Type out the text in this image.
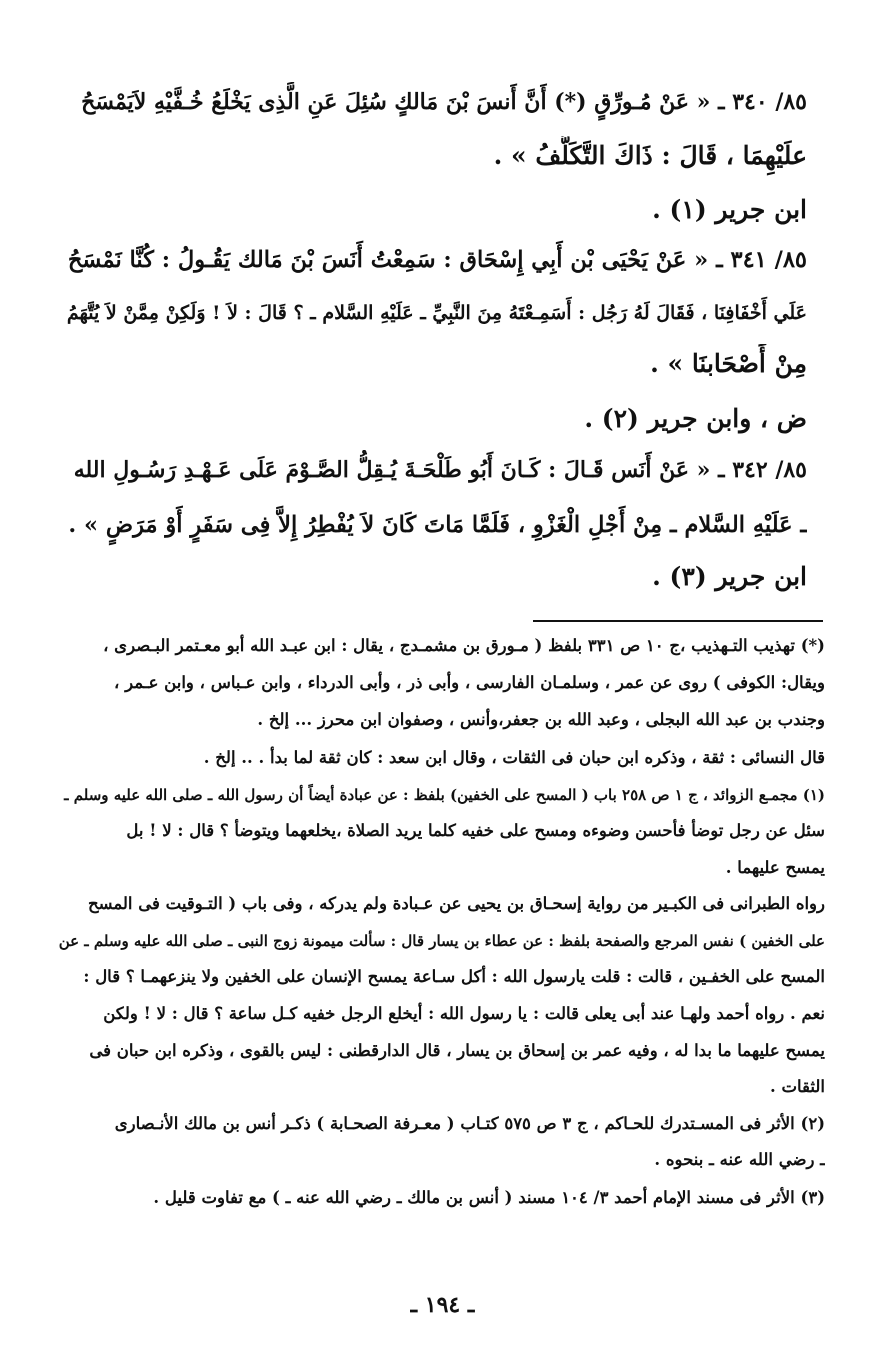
٨٥/ ٣٤٠ ـ « عَنْ مُـورِّقٍ (*) أَنَّ أَنسَ بْنَ مَالكٍ سُئِلَ عَنِ الَّذِى يَخْلَعُ خُـفَّيْهِ لاَيَمْسَحُ
علَيْهِمَا ، قَالَ : ذَاكَ التَّكَلُّفُ » .
ابن جرير (١) .
٨٥/ ٣٤١ ـ « عَنْ يَحْيَى بْن أَبِي إِسْحَاق : سَمِعْتُ أَنَسَ بْنَ مَالك يَقُـولُ : كُنَّا نَمْسَحُ
عَلَي أَخْفَافِنَا ، فَقَالَ لَهُ رَجُل : أَسَمِـعْتَهُ مِنَ النَّبِيِّ ـ عَلَيْهِ السَّلام ـ ؟ قَالَ : لاَ ! وَلَكِنْ مِمَّنْ لاَ يُتَّهَمُ
مِنْ أَصْحَابنَا » .
ض ، وابن جرير (٢) .
٨٥/ ٣٤٢ ـ « عَنْ أَنَس قَـالَ : كَـانَ أَبُو طَلْحَـةَ يُـقِلُّ الصَّـوْمَ عَلَى عَـهْـدِ رَسُـولِ الله
ـ عَلَيْهِ السَّلام ـ مِنْ أَجْلِ الْغَزْوِ ، فَلَمَّا مَاتَ كَانَ لاَ يُفْطِرُ إِلاَّ فِى سَفَرٍ أَوْ مَرَضٍ » .
ابن جرير (٣) .
(*) تهذيب التـهذيب ،ج ١٠ ص ٣٣١ بلفظ ( مـورق بن مشمـدج ، يقال : ابن عبـد الله أبو معـتمر البـصرى ،
ويقال: الكوفى ) روى عن عمر ، وسلمـان الفارسى ، وأبى ذر ، وأبى الدرداء ، وابن عـباس ، وابن عـمر ،
وجندب بن عبد الله البجلى ، وعبد الله بن جعفر،وأنس ، وصفوان ابن محرز ... إلخ .
قال النسائى : ثقة ، وذكره ابن حبان فى الثقات ، وقال ابن سعد : كان ثقة لما بدأ . .. إلخ .
(١) مجمـع الزوائد ، ج ١ ص ٢٥٨ باب ( المسح على الخفين) بلفظ : عن عبادة أيضاً أن رسول الله ـ صلى الله عليه وسلم ـ
سئل عن رجل توضأ فأحسن وضوءه ومسح على خفيه كلما يريد الصلاة ،يخلعهما ويتوضأ ؟ قال : لا ! بل
يمسح عليهما .
رواه الطبرانى فى الكبـير من رواية إسحـاق بن يحيى عن عـبادة ولم يدركه ، وفى باب ( التـوقيت فى المسح
على الخفين ) نفس المرجع والصفحة بلفظ : عن عطاء بن يسار قال : سألت ميمونة زوج النبى ـ صلى الله عليه وسلم ـ عن
المسح على الخفـين ، قالت : قلت يارسول الله : أكل سـاعة يمسح الإنسان على الخفين ولا ينزعهمـا ؟ قال :
نعم . رواه أحمد ولهـا عند أبى يعلى قالت : يا رسول الله : أيخلع الرجل خفيه كـل ساعة ؟ قال : لا ! ولكن
يمسح عليهما ما بدا له ، وفيه عمر بن إسحاق بن يسار ، قال الدارقطنى : ليس بالقوى ، وذكره ابن حبان فى
الثقات .
(٢) الأثر فى المسـتدرك للحـاكم ، ج ٣ ص ٥٧٥ كتـاب ( معـرفة الصحـابة ) ذكـر أنس بن مالك الأنـصارى
ـ رضي الله عنه ـ بنحوه .
(٣) الأثر فى مسند الإمام أحمد ٣/ ١٠٤ مسند ( أنس بن مالك ـ رضي الله عنه ـ ) مع تفاوت قليل .
ـ ١٩٤ ـ
